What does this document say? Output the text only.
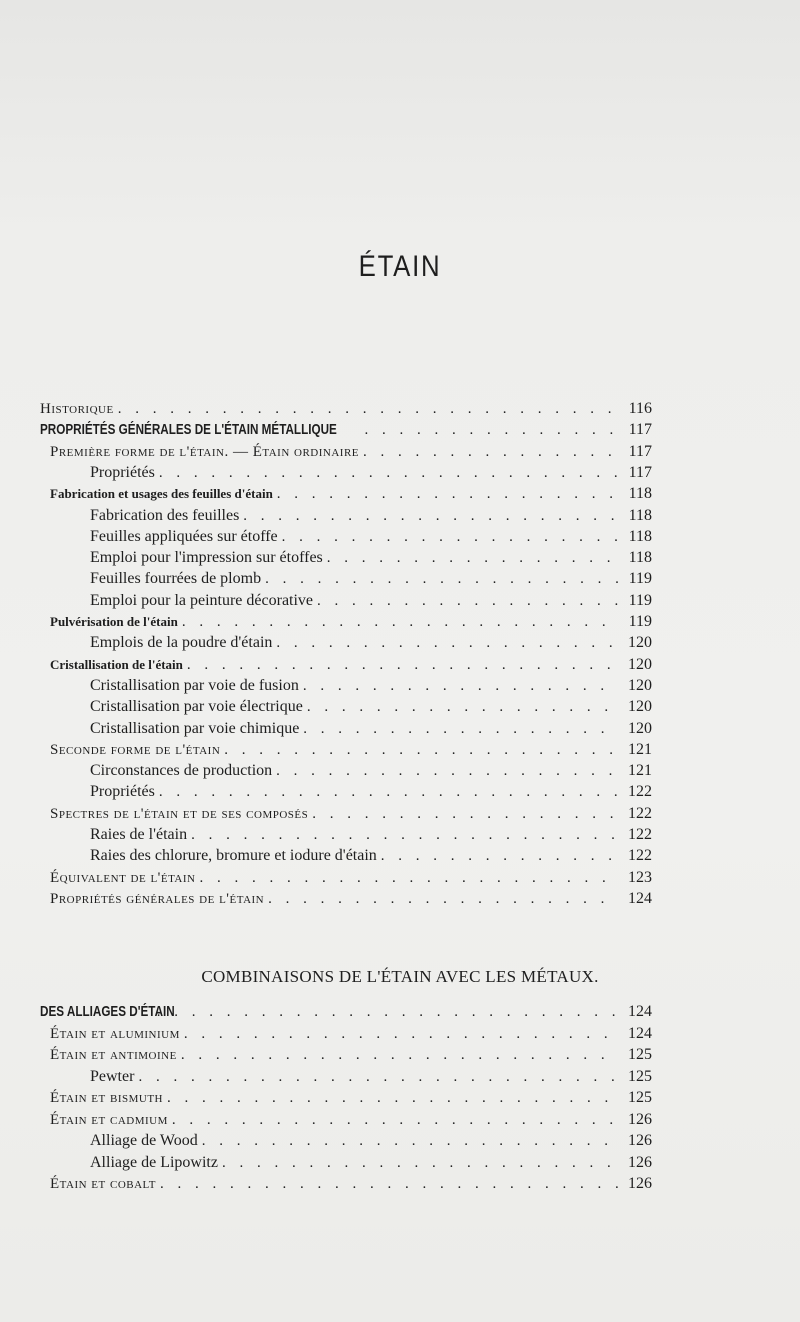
ÉTAIN
Historique . . .	116
PROPRIÉTÉS GÉNÉRALES DE L'ÉTAIN MÉTALLIQUE . . .	117
Première forme de l'étain. — Étain ordinaire . . .	117
Propriétés . . .	117
Fabrication et usages des feuilles d'étain . . .	118
Fabrication des feuilles . . .	118
Feuilles appliquées sur étoffe . . .	118
Emploi pour l'impression sur étoffes . . .	118
Feuilles fourrées de plomb . . .	119
Emploi pour la peinture décorative . . .	119
Pulvérisation de l'étain . . .	119
Emplois de la poudre d'étain . . .	120
Cristallisation de l'étain . . .	120
Cristallisation par voie de fusion . . .	120
Cristallisation par voie électrique . . .	120
Cristallisation par voie chimique . . .	120
Seconde forme de l'étain . . .	121
Circonstances de production . . .	121
Propriétés . . .	122
Spectres de l'étain et de ses composés . . .	122
Raies de l'étain . . .	122
Raies des chlorure, bromure et iodure d'étain . . .	122
Équivalent de l'étain . . .	123
Propriétés générales de l'étain . . .	124
COMBINAISONS DE L'ÉTAIN AVEC LES MÉTAUX.
DES ALLIAGES D'ÉTAIN . . .	124
Étain et aluminium . . .	124
Étain et antimoine . . .	125
Pewter . . .	125
Étain et bismuth . . .	125
Étain et cadmium . . .	126
Alliage de Wood . . .	126
Alliage de Lipowitz . . .	126
Étain et cobalt . . .	126
